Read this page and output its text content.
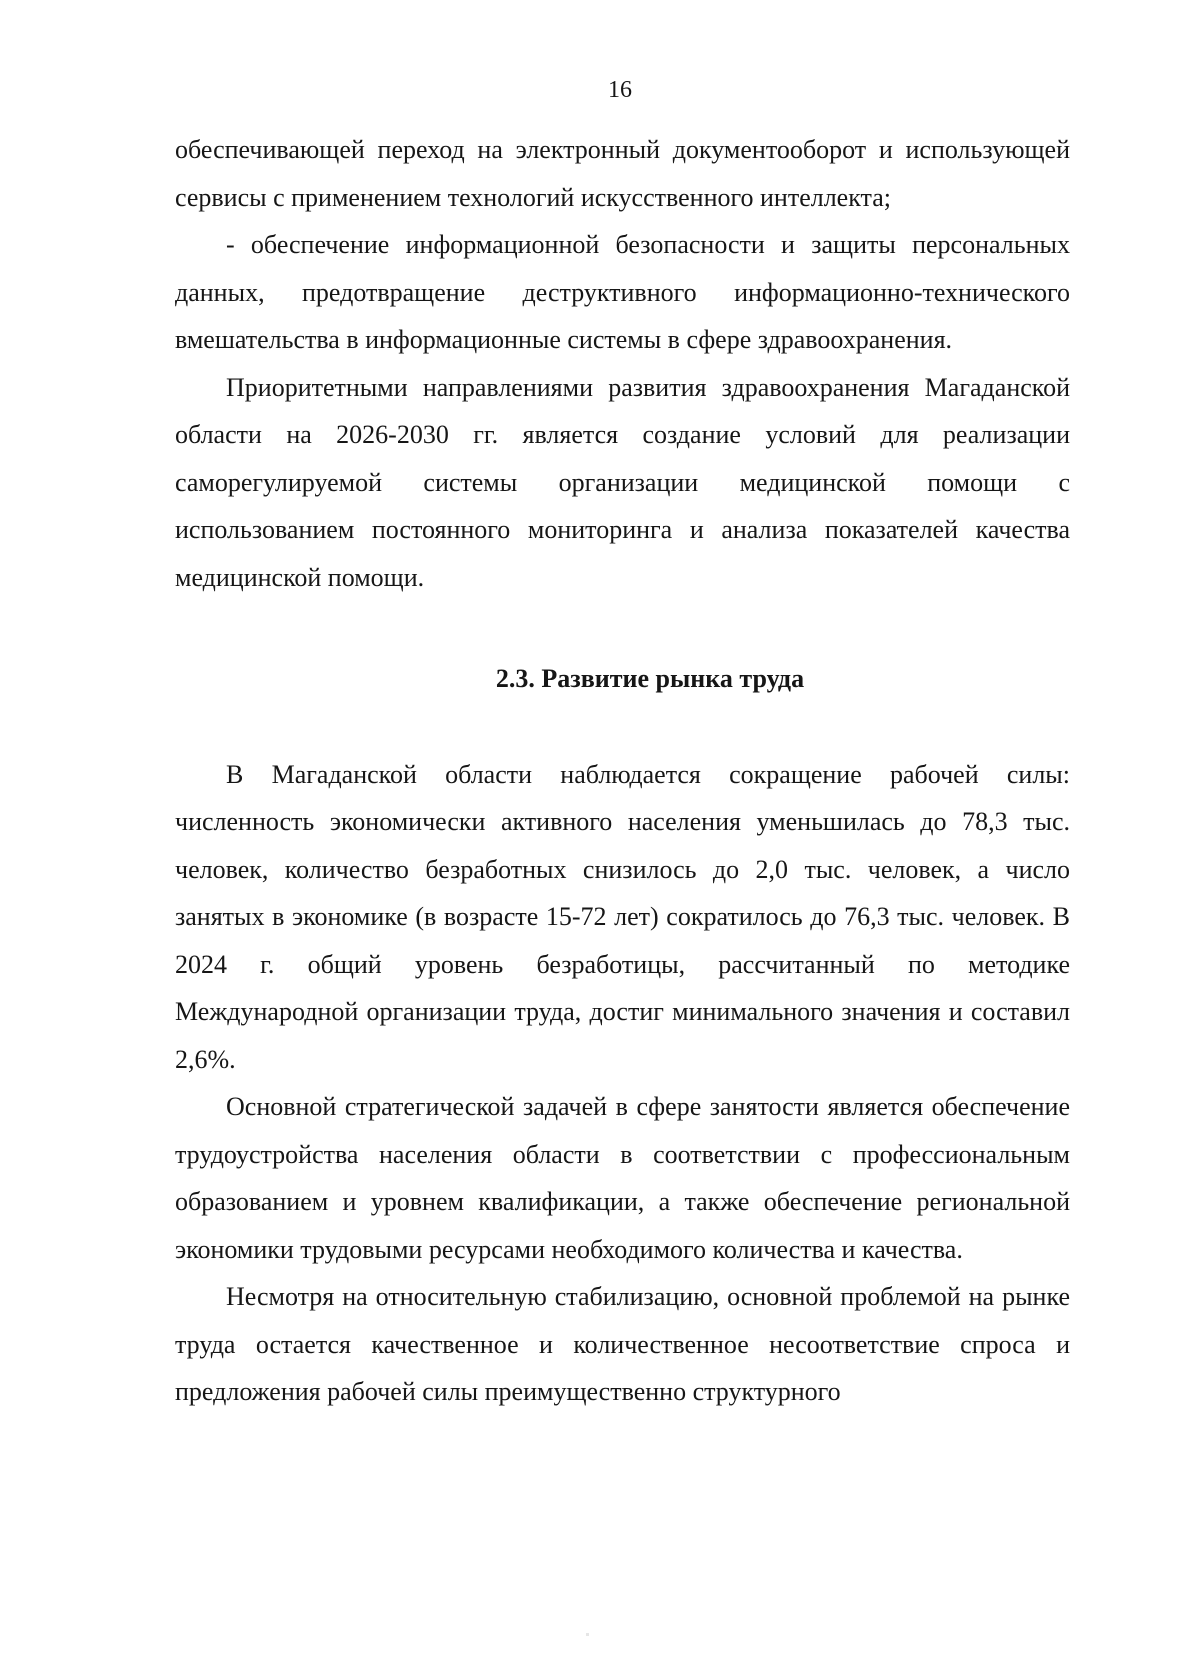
16

обеспечивающей переход на электронный документооборот и использующей сервисы с применением технологий искусственного интеллекта;

- обеспечение информационной безопасности и защиты персональных данных, предотвращение деструктивного информационно-технического вмешательства в информационные системы в сфере здравоохранения.

Приоритетными направлениями развития здравоохранения Магаданской области на 2026-2030 гг. является создание условий для реализации саморегулируемой системы организации медицинской помощи с использованием постоянного мониторинга и анализа показателей качества медицинской помощи.

2.3. Развитие рынка труда

В Магаданской области наблюдается сокращение рабочей силы: численность экономически активного населения уменьшилась до 78,3 тыс. человек, количество безработных снизилось до 2,0 тыс. человек, а число занятых в экономике (в возрасте 15-72 лет) сократилось до 76,3 тыс. человек. В 2024 г. общий уровень безработицы, рассчитанный по методике Международной организации труда, достиг минимального значения и составил 2,6%.

Основной стратегической задачей в сфере занятости является обеспечение трудоустройства населения области в соответствии с профессиональным образованием и уровнем квалификации, а также обеспечение региональной экономики трудовыми ресурсами необходимого количества и качества.

Несмотря на относительную стабилизацию, основной проблемой на рынке труда остается качественное и количественное несоответствие спроса и предложения рабочей силы преимущественно структурного
